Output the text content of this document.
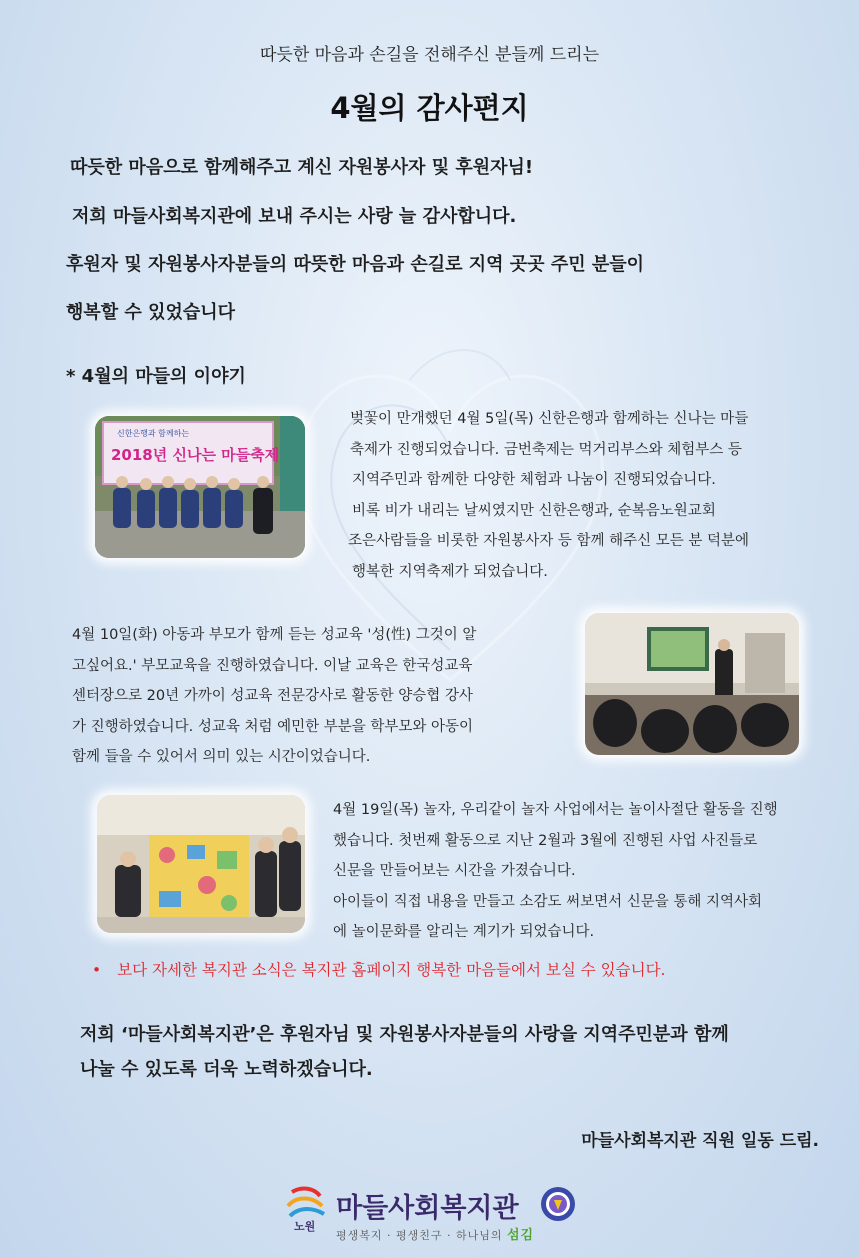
따듯한 마음과 손길을 전해주신 분들께 드리는
4월의 감사편지
따듯한 마음으로 함께해주고 계신 자원봉사자 및 후원자님!
저희 마들사회복지관에 보내 주시는 사랑 늘 감사합니다.
후원자 및 자원봉사자분들의 따뜻한 마음과 손길로 지역 곳곳 주민 분들이
행복할 수 있었습니다
* 4월의 마들의 이야기
신한은행과 함께하는
2018년 신나는 마들축제
벚꽃이 만개했던 4월 5일(목) 신한은행과 함께하는 신나는 마들
축제가 진행되었습니다. 금번축제는 먹거리부스와 체험부스 등
지역주민과 함께한 다양한 체험과 나눔이 진행되었습니다.
비록 비가 내리는 날씨였지만 신한은행과, 순복음노원교회
조은사람들을 비롯한 자원봉사자 등 함께 해주신 모든 분 덕분에
행복한 지역축제가 되었습니다.
4월 10일(화) 아동과 부모가 함께 듣는 성교육 '성(性) 그것이 알
고싶어요.' 부모교육을 진행하였습니다. 이날 교육은 한국성교육
센터장으로 20년 가까이 성교육 전문강사로 활동한 양승협 강사
가 진행하였습니다. 성교육 처럼 예민한 부분을 학부모와 아동이
함께 들을 수 있어서 의미 있는 시간이었습니다.
4월 19일(목) 놀자, 우리같이 놀자 사업에서는 놀이사절단 활동을 진행
했습니다. 첫번째 활동으로 지난 2월과 3월에 진행된 사업 사진들로
신문을 만들어보는 시간을 가졌습니다.
아이들이 직접 내용을 만들고 소감도 써보면서 신문을 통해 지역사회
에 놀이문화를 알리는 계기가 되었습니다.
• 보다 자세한 복지관 소식은 복지관 홈페이지 행복한 마음들에서 보실 수 있습니다.
저희 ‘마들사회복지관’은 후원자님 및 자원봉사자분들의 사랑을 지역주민분과 함께
나눌 수 있도록 더욱 노력하겠습니다.
마들사회복지관 직원 일동 드림.
노원
마들사회복지관
평생복지 · 평생친구 · 하나님의 섬김
